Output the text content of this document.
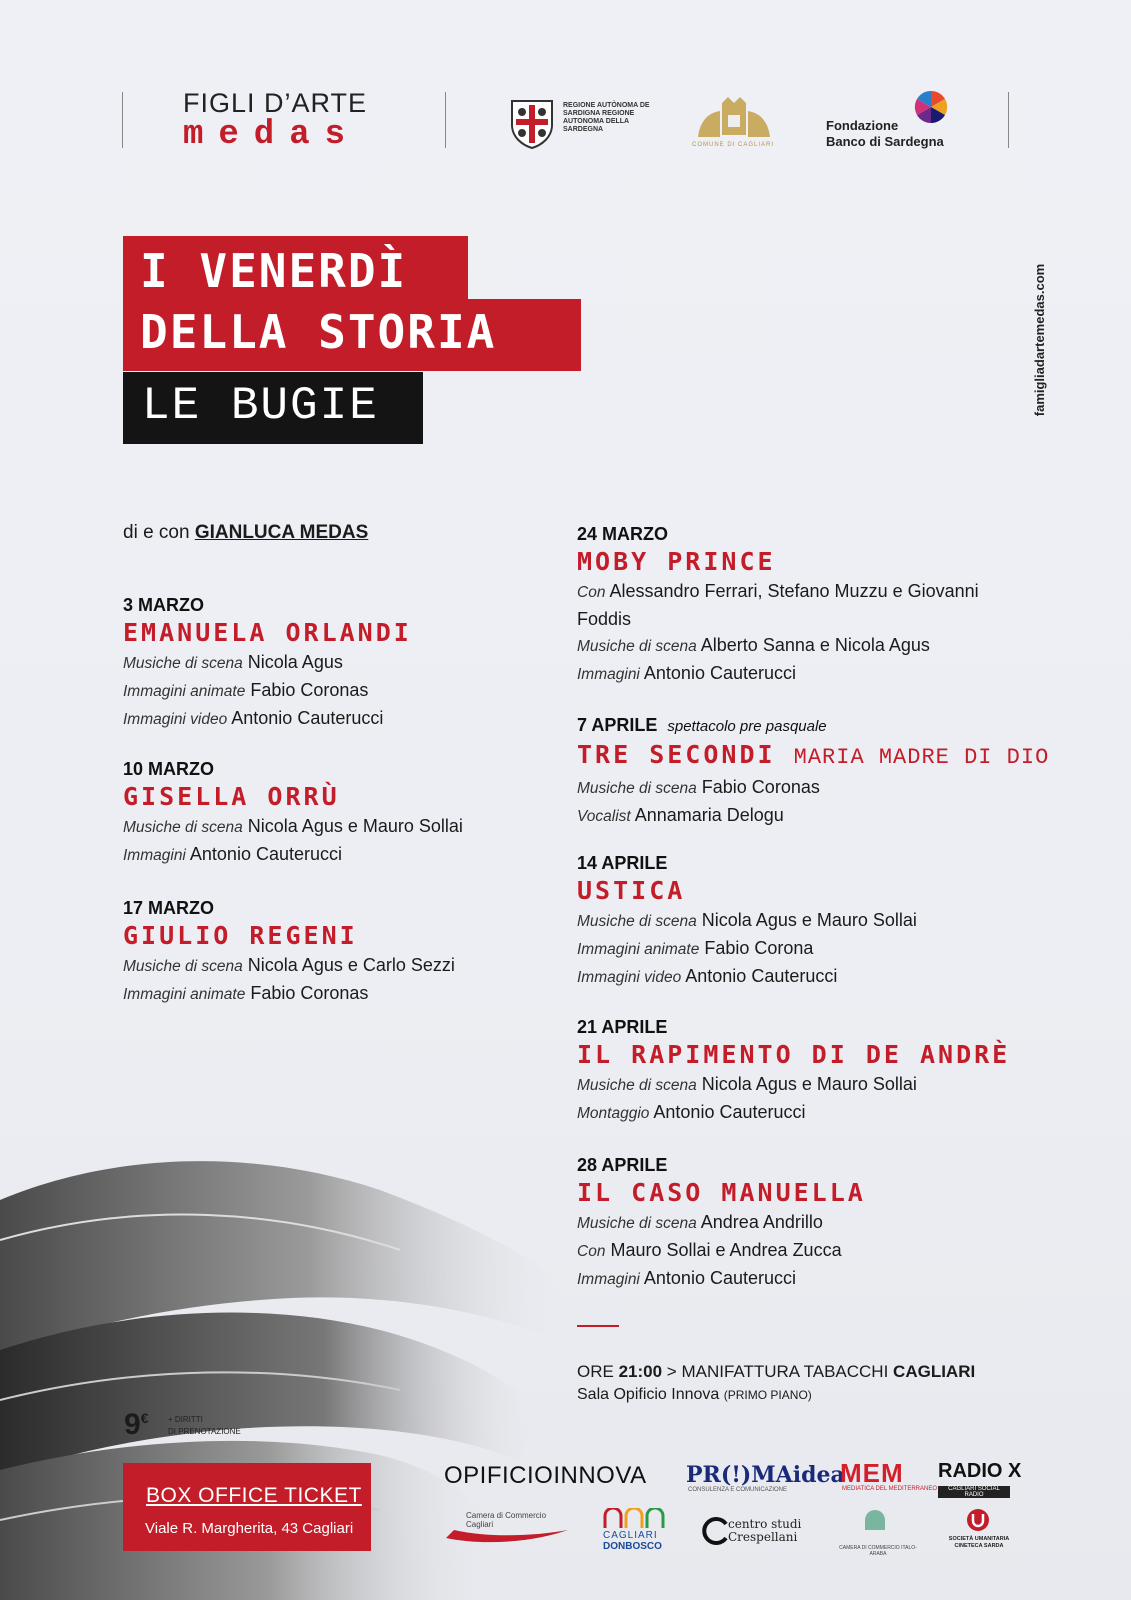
FIGLI D’ARTE
medas
REGIONE AUTÒNOMA DE SARDIGNA REGIONE AUTONOMA DELLA SARDEGNA
COMUNE DI CAGLIARI
Fondazione
Banco di Sardegna
I VENERDÌ
DELLA STORIA
LE BUGIE	famigliadartemedas.com
di e con GIANLUCA MEDAS
3 MARZO
EMANUELA ORLANDI
Musiche di scena Nicola Agus
Immagini animate Fabio Coronas
Immagini video Antonio Cauterucci
10 MARZO
GISELLA ORRÙ
Musiche di scena Nicola Agus e Mauro Sollai
Immagini Antonio Cauterucci
17 MARZO
GIULIO REGENI
Musiche di scena Nicola Agus e Carlo Sezzi
Immagini animate Fabio Coronas
24 MARZO
MOBY PRINCE
Con Alessandro Ferrari, Stefano Muzzu e Giovanni Foddis
Musiche di scena Alberto Sanna e Nicola Agus
Immagini Antonio Cauterucci
7 APRILE spettacolo pre pasquale
TRE SECONDI MARIA MADRE DI DIO
Musiche di scena Fabio Coronas
Vocalist Annamaria Delogu
14 APRILE
USTICA
Musiche di scena Nicola Agus e Mauro Sollai
Immagini animate Fabio Corona
Immagini video Antonio Cauterucci
21 APRILE
IL RAPIMENTO DI DE ANDRÈ
Musiche di scena Nicola Agus e Mauro Sollai
Montaggio Antonio Cauterucci
28 APRILE
IL CASO MANUELLA
Musiche di scena Andrea Andrillo
Con Mauro Sollai e Andrea Zucca
Immagini Antonio Cauterucci
ORE 21:00 > MANIFATTURA TABACCHI CAGLIARI
Sala Opificio Innova (PRIMO PIANO)
9€ + DIRITTI
DI PRENOTAZIONE
BOX OFFICE TICKET
Viale R. Margherita, 43 Cagliari
OPIFICIOINNOVA PR(!)MAidea
CONSULENZA E COMUNICAZIONE
MEM
MEDIATICA DEL MEDITERRANEO
RADIO X
CAGLIARI SOCIAL RADIO
Camera di Commercio Cagliari
CAGLIARI
DONBOSCO
centro studi Crespellani
CAMERA DI COMMERCIO ITALO-ARABA
SOCIETÀ UMANITARIA
CINETECA SARDA
